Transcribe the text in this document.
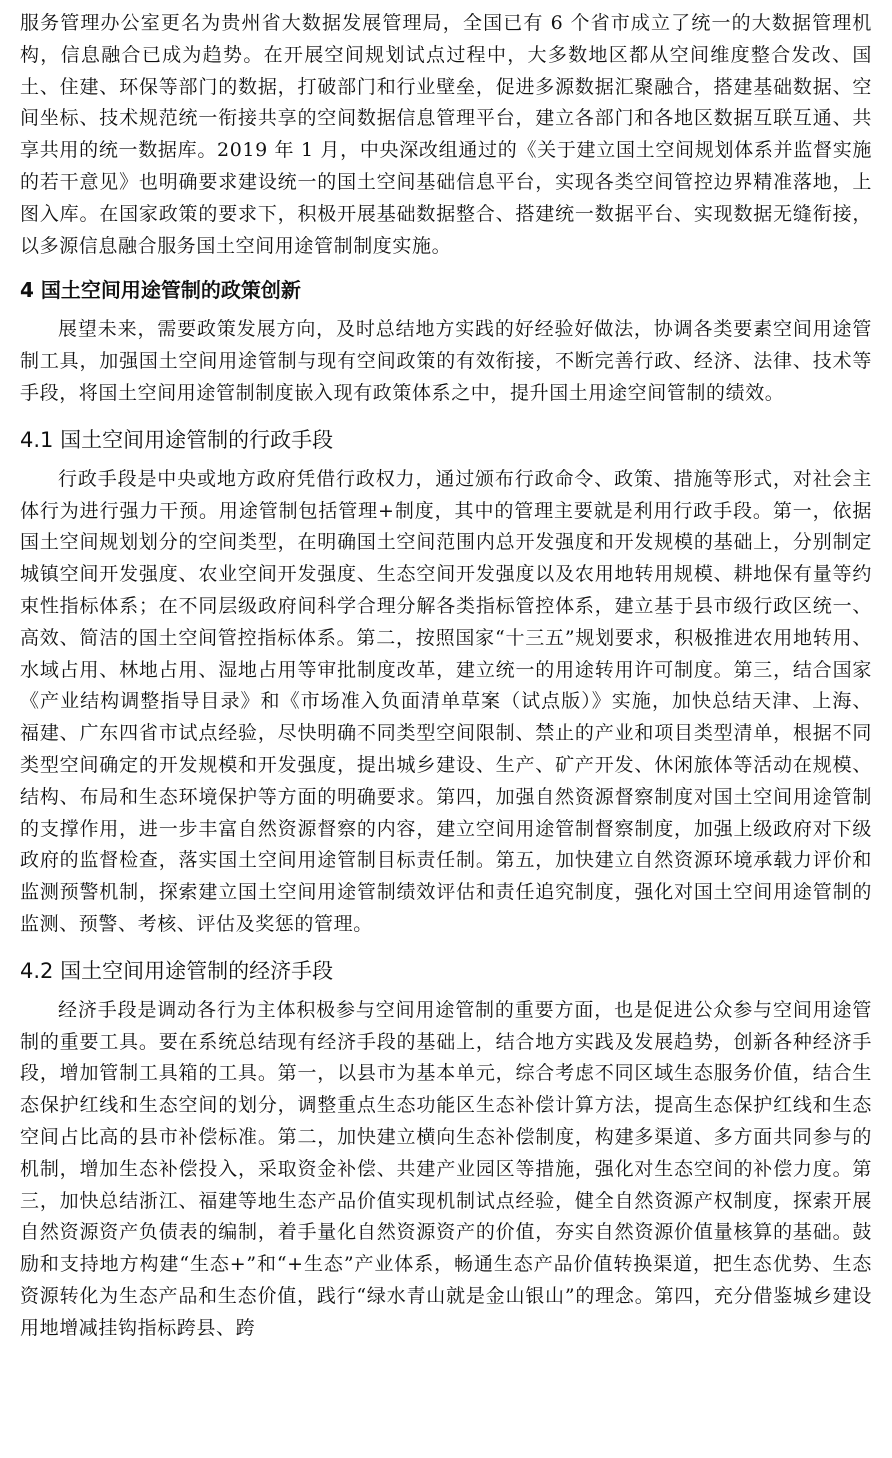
服务管理办公室更名为贵州省大数据发展管理局，全国已有 6 个省市成立了统一的大数据管理机构，信息融合已成为趋势。在开展空间规划试点过程中，大多数地区都从空间维度整合发改、国土、住建、环保等部门的数据，打破部门和行业壁垒，促进多源数据汇聚融合，搭建基础数据、空间坐标、技术规范统一衔接共享的空间数据信息管理平台，建立各部门和各地区数据互联互通、共享共用的统一数据库。2019 年 1 月，中央深改组通过的《关于建立国土空间规划体系并监督实施的若干意见》也明确要求建设统一的国土空间基础信息平台，实现各类空间管控边界精准落地，上图入库。在国家政策的要求下，积极开展基础数据整合、搭建统一数据平台、实现数据无缝衔接，以多源信息融合服务国土空间用途管制制度实施。

4 国土空间用途管制的政策创新

展望未来，需要政策发展方向，及时总结地方实践的好经验好做法，协调各类要素空间用途管制工具，加强国土空间用途管制与现有空间政策的有效衔接，不断完善行政、经济、法律、技术等手段，将国土空间用途管制制度嵌入现有政策体系之中，提升国土用途空间管制的绩效。

4.1 国土空间用途管制的行政手段

行政手段是中央或地方政府凭借行政权力，通过颁布行政命令、政策、措施等形式，对社会主体行为进行强力干预。用途管制包括管理+制度，其中的管理主要就是利用行政手段。第一，依据国土空间规划划分的空间类型，在明确国土空间范围内总开发强度和开发规模的基础上，分别制定城镇空间开发强度、农业空间开发强度、生态空间开发强度以及农用地转用规模、耕地保有量等约束性指标体系；在不同层级政府间科学合理分解各类指标管控体系，建立基于县市级行政区统一、高效、简洁的国土空间管控指标体系。第二，按照国家“十三五”规划要求，积极推进农用地转用、水域占用、林地占用、湿地占用等审批制度改革，建立统一的用途转用许可制度。第三，结合国家《产业结构调整指导目录》和《市场准入负面清单草案（试点版）》实施，加快总结天津、上海、福建、广东四省市试点经验，尽快明确不同类型空间限制、禁止的产业和项目类型清单，根据不同类型空间确定的开发规模和开发强度，提出城乡建设、生产、矿产开发、休闲旅体等活动在规模、结构、布局和生态环境保护等方面的明确要求。第四，加强自然资源督察制度对国土空间用途管制的支撑作用，进一步丰富自然资源督察的内容，建立空间用途管制督察制度，加强上级政府对下级政府的监督检查，落实国土空间用途管制目标责任制。第五，加快建立自然资源环境承载力评价和监测预警机制，探索建立国土空间用途管制绩效评估和责任追究制度，强化对国土空间用途管制的监测、预警、考核、评估及奖惩的管理。

4.2 国土空间用途管制的经济手段

经济手段是调动各行为主体积极参与空间用途管制的重要方面，也是促进公众参与空间用途管制的重要工具。要在系统总结现有经济手段的基础上，结合地方实践及发展趋势，创新各种经济手段，增加管制工具箱的工具。第一，以县市为基本单元，综合考虑不同区域生态服务价值，结合生态保护红线和生态空间的划分，调整重点生态功能区生态补偿计算方法，提高生态保护红线和生态空间占比高的县市补偿标准。第二，加快建立横向生态补偿制度，构建多渠道、多方面共同参与的机制，增加生态补偿投入，采取资金补偿、共建产业园区等措施，强化对生态空间的补偿力度。第三，加快总结浙江、福建等地生态产品价值实现机制试点经验，健全自然资源产权制度，探索开展自然资源资产负债表的编制，着手量化自然资源资产的价值，夯实自然资源价值量核算的基础。鼓励和支持地方构建“生态+”和“+生态”产业体系，畅通生态产品价值转换渠道，把生态优势、生态资源转化为生态产品和生态价值，践行“绿水青山就是金山银山”的理念。第四，充分借鉴城乡建设用地增减挂钩指标跨县、跨
